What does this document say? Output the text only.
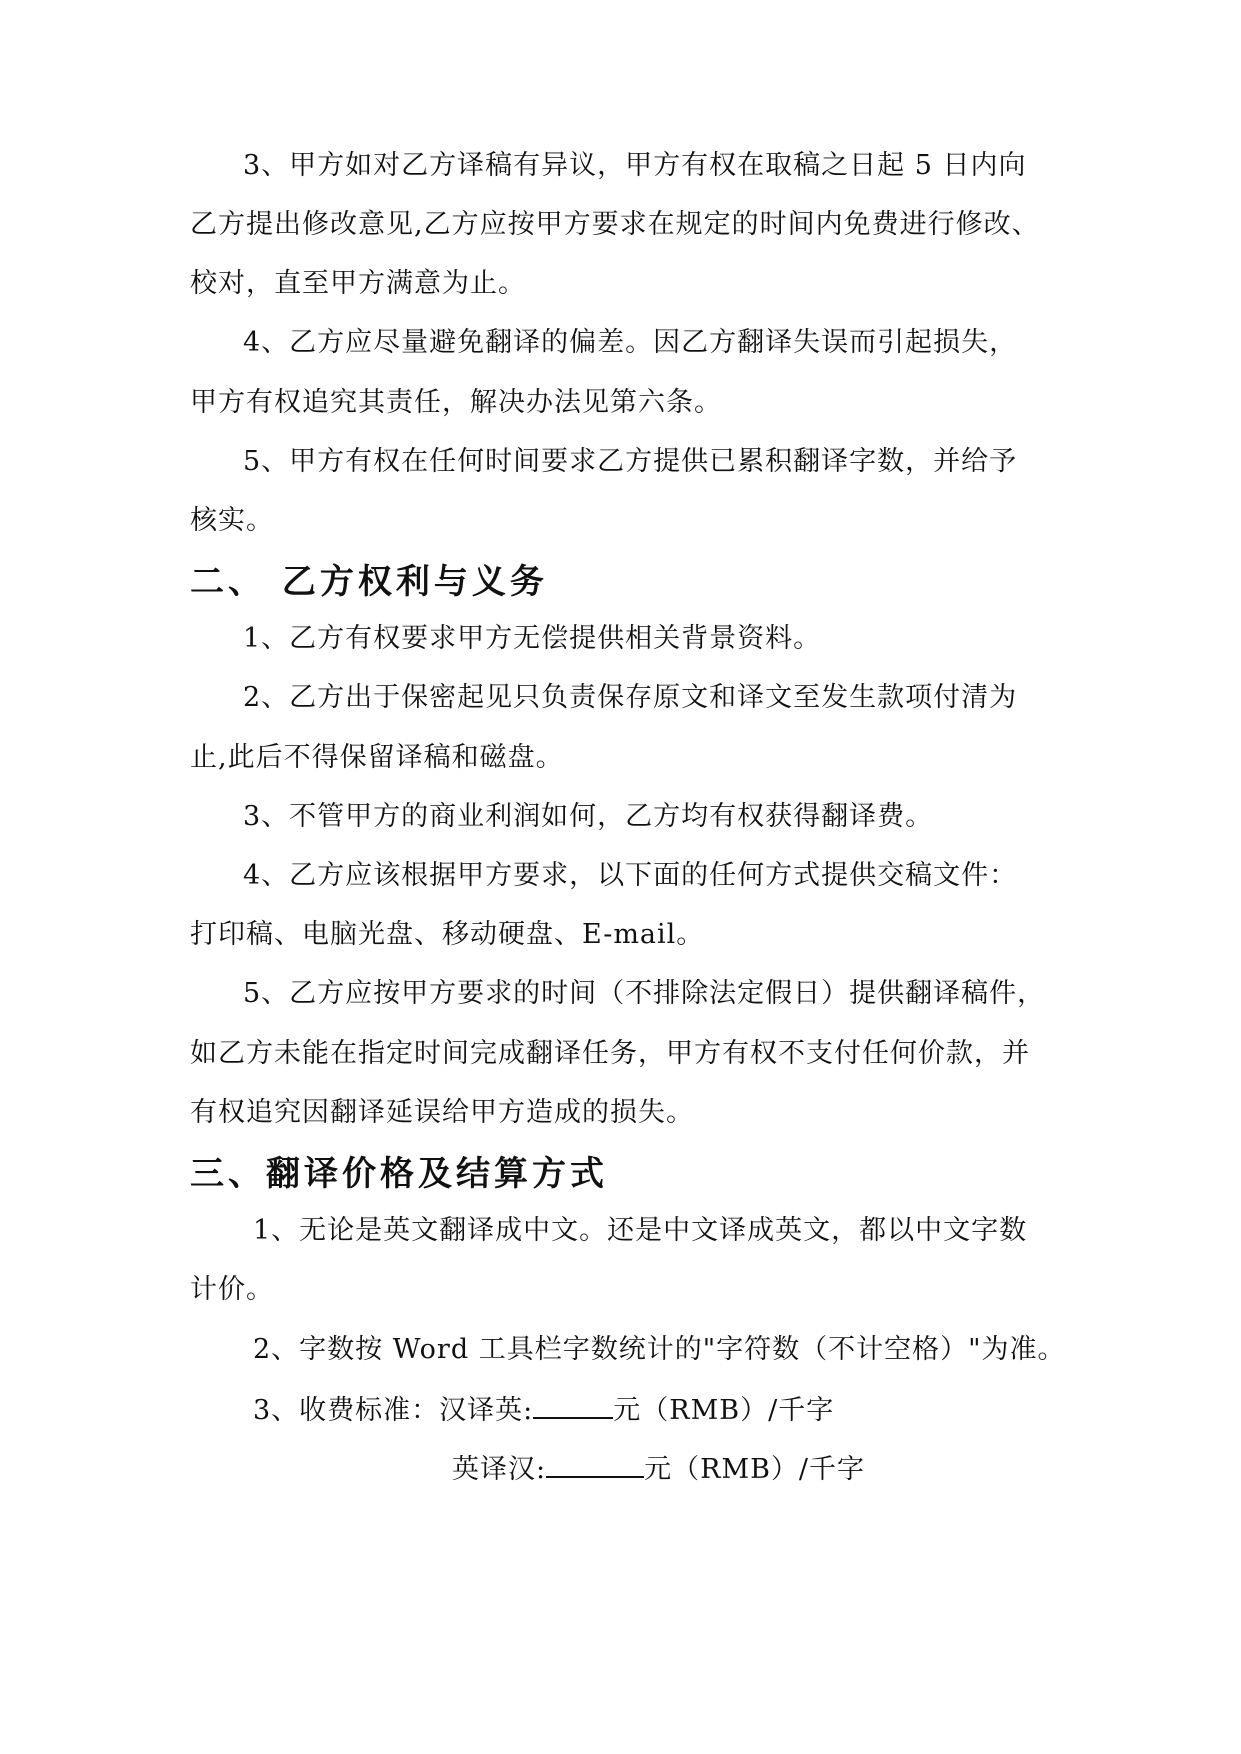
3、甲方如对乙方译稿有异议，甲方有权在取稿之日起 5 日内向
乙方提出修改意见,乙方应按甲方要求在规定的时间内免费进行修改、
校对，直至甲方满意为止。
4、乙方应尽量避免翻译的偏差。因乙方翻译失误而引起损失，
甲方有权追究其责任，解决办法见第六条。
5、甲方有权在任何时间要求乙方提供已累积翻译字数，并给予
核实。
二、 乙方权利与义务
1、乙方有权要求甲方无偿提供相关背景资料。
2、乙方出于保密起见只负责保存原文和译文至发生款项付清为
止,此后不得保留译稿和磁盘。
3、不管甲方的商业利润如何，乙方均有权获得翻译费。
4、乙方应该根据甲方要求，以下面的任何方式提供交稿文件：
打印稿、电脑光盘、移动硬盘、E-mail。
5、乙方应按甲方要求的时间（不排除法定假日）提供翻译稿件，
如乙方未能在指定时间完成翻译任务，甲方有权不支付任何价款，并
有权追究因翻译延误给甲方造成的损失。
三、翻译价格及结算方式
1、无论是英文翻译成中文。还是中文译成英文，都以中文字数
计价。
2、字数按 Word 工具栏字数统计的"字符数（不计空格）"为准。
3、收费标准：汉译英:	元（RMB）/千字
英译汉:	元（RMB）/千字
